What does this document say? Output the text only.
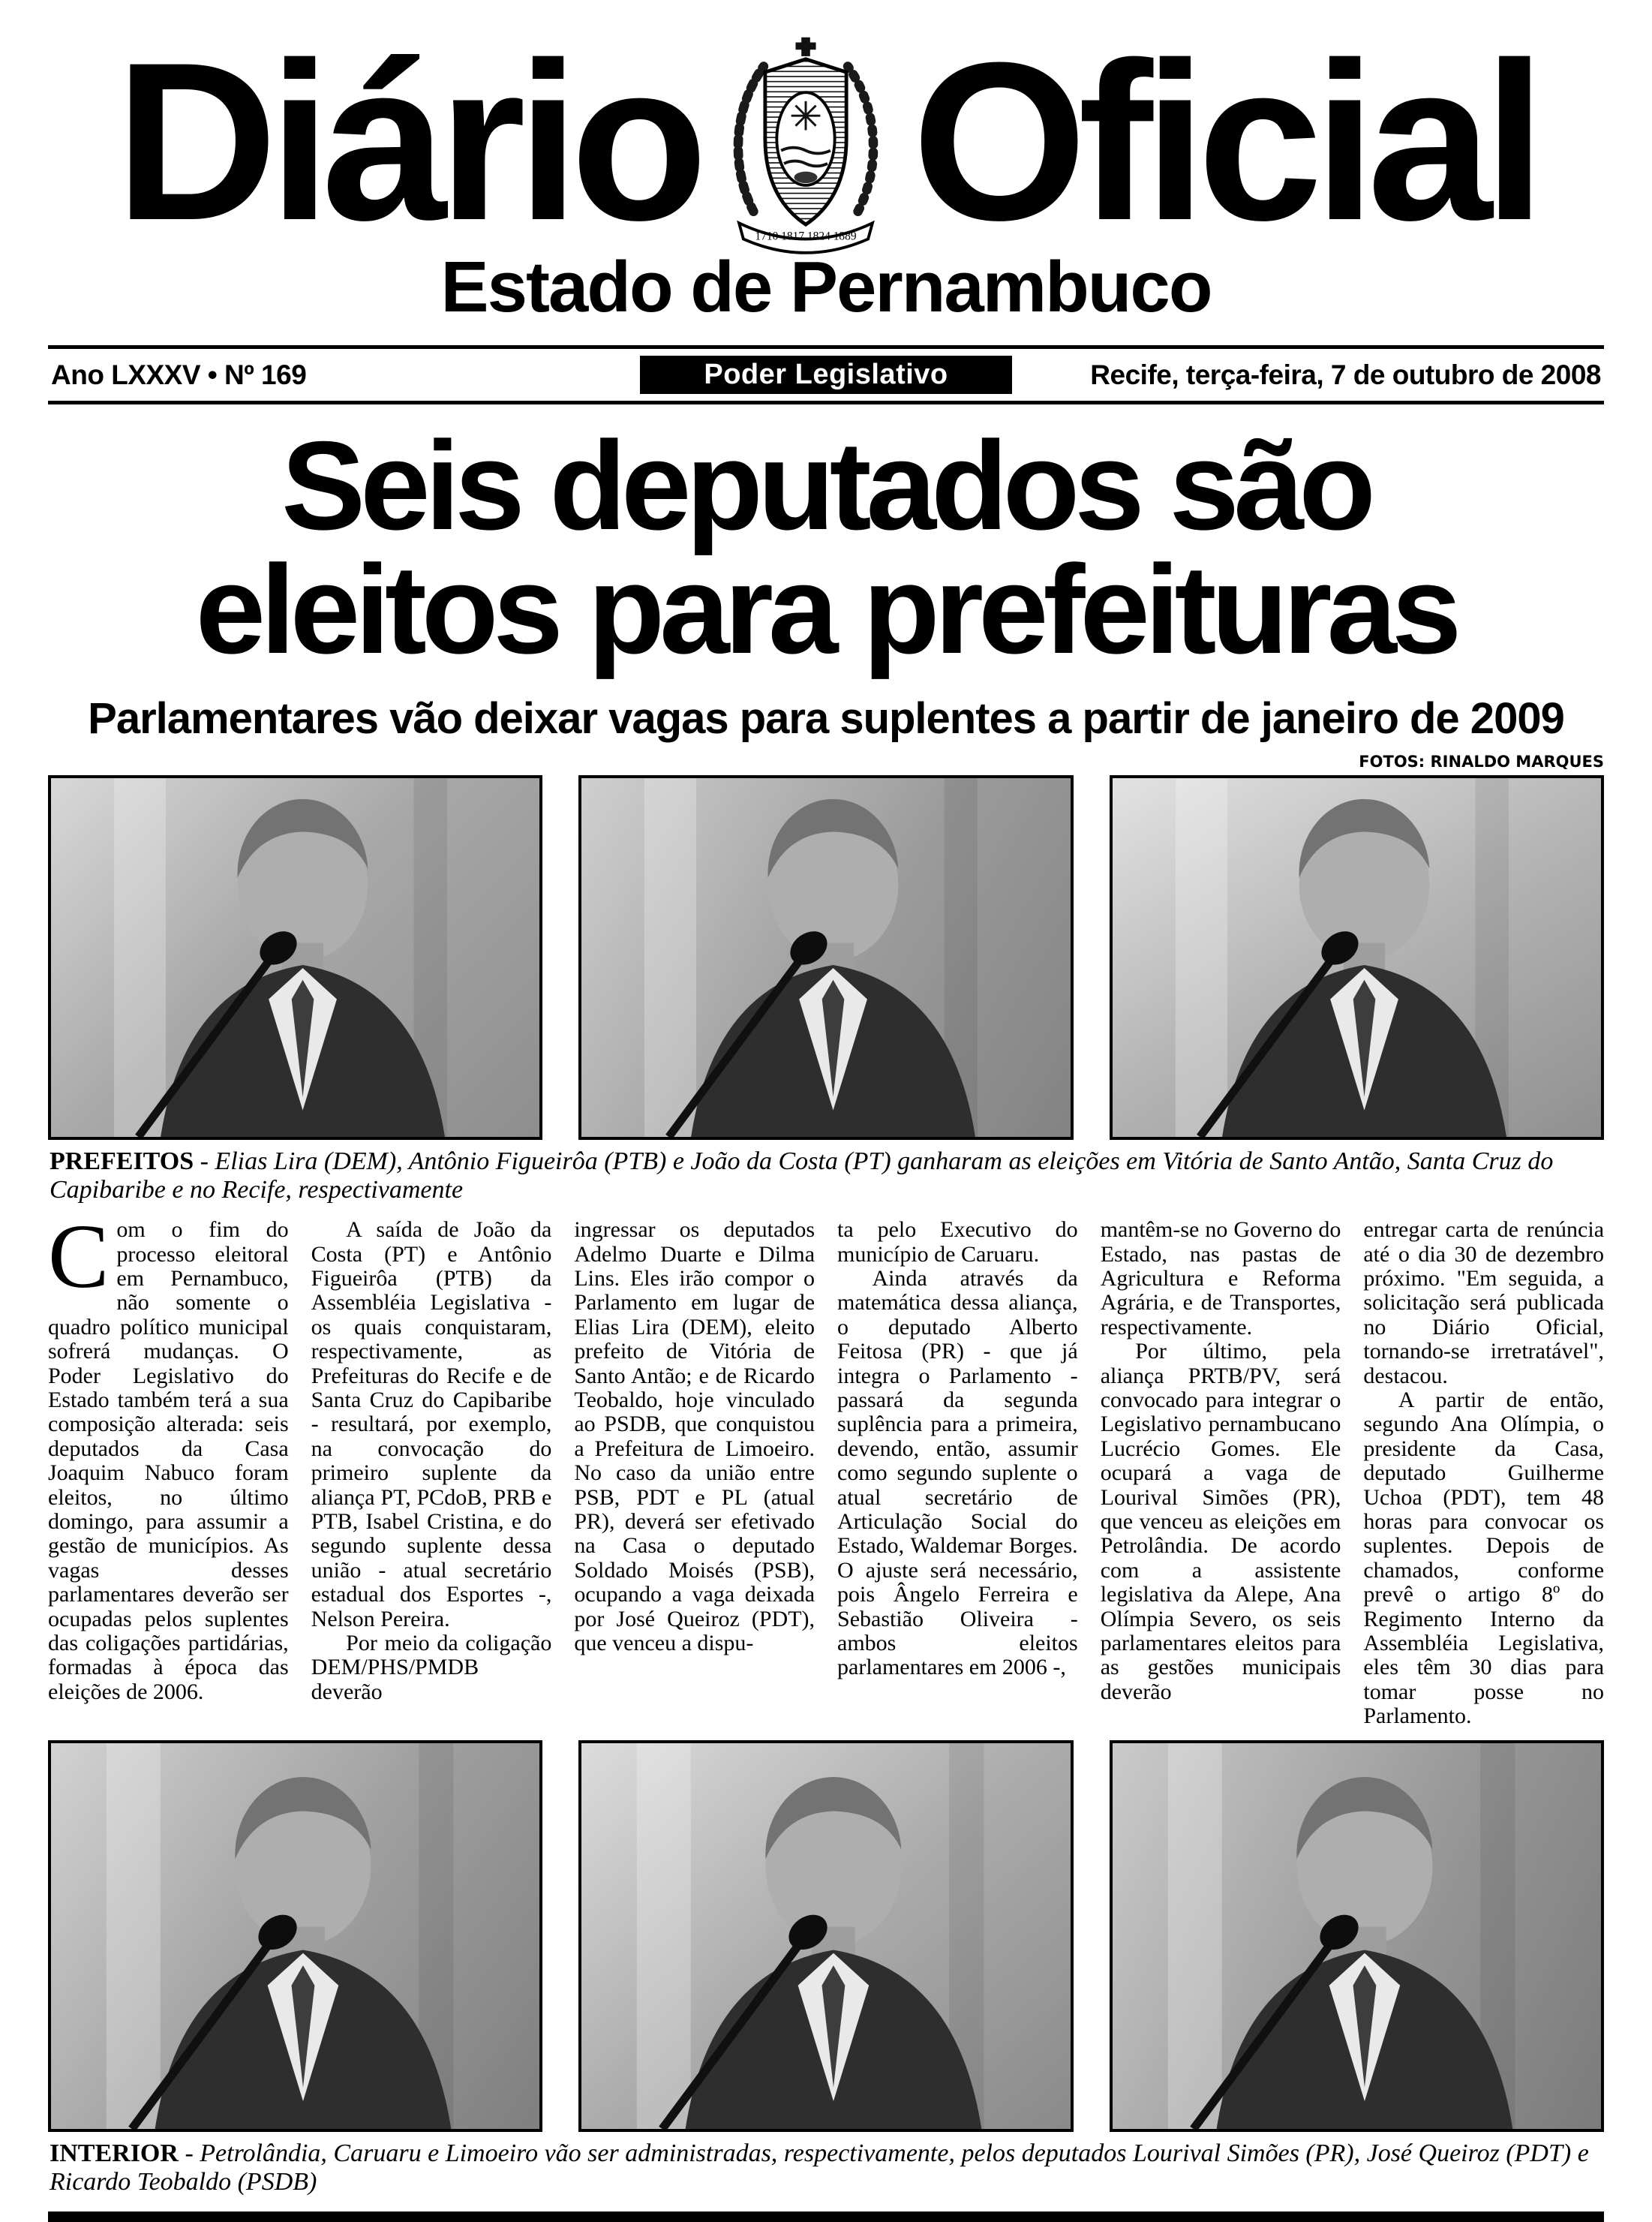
Diário	1710 1817 1824 1889 Oficial
Estado de Pernambuco
Ano LXXXV • Nº 169	Poder Legislativo	Recife, terça-feira, 7 de outubro de 2008
Seis deputados são
eleitos para prefeituras
Parlamentares vão deixar vagas para suplentes a partir de janeiro de 2009
FOTOS: RINALDO MARQUES
PREFEITOS - Elias Lira (DEM), Antônio Figueirôa (PTB) e João da Costa (PT) ganharam as eleições em Vitória de Santo Antão, Santa Cruz do Capibaribe e no Recife, respectivamente

Com o fim do processo eleitoral em Pernambuco, não somente o quadro político municipal sofrerá mudanças. O Poder Legislativo do Estado também terá a sua composição alterada: seis deputados da Casa Joaquim Nabuco foram eleitos, no último domingo, para assumir a gestão de municípios. As vagas desses parlamentares deverão ser ocupadas pelos suplentes das coligações partidárias, formadas à época das eleições de 2006.

A saída de João da Costa (PT) e Antônio Figueirôa (PTB) da Assembléia Legislativa - os quais conquistaram, respectivamente, as Prefeituras do Recife e de Santa Cruz do Capibaribe - resultará, por exemplo, na convocação do primeiro suplente da aliança PT, PCdoB, PRB e PTB, Isabel Cristina, e do segundo suplente dessa união - atual secretário estadual dos Esportes -, Nelson Pereira.

Por meio da coligação DEM/PHS/PMDB deverão

ingressar os deputados Adelmo Duarte e Dilma Lins. Eles irão compor o Parlamento em lugar de Elias Lira (DEM), eleito prefeito de Vitória de Santo Antão; e de Ricardo Teobaldo, hoje vinculado ao PSDB, que conquistou a Prefeitura de Limoeiro. No caso da união entre PSB, PDT e PL (atual PR), deverá ser efetivado na Casa o deputado Soldado Moisés (PSB), ocupando a vaga deixada por José Queiroz (PDT), que venceu a dispu-

ta pelo Executivo do município de Caruaru.

Ainda através da matemática dessa aliança, o deputado Alberto Feitosa (PR) - que já integra o Parlamento - passará da segunda suplência para a primeira, devendo, então, assumir como segundo suplente o atual secretário de Articulação Social do Estado, Waldemar Borges. O ajuste será necessário, pois Ângelo Ferreira e Sebastião Oliveira - ambos eleitos parlamentares em 2006 -,

mantêm-se no Governo do Estado, nas pastas de Agricultura e Reforma Agrária, e de Transportes, respectivamente.

Por último, pela aliança PRTB/PV, será convocado para integrar o Legislativo pernambucano Lucrécio Gomes. Ele ocupará a vaga de Lourival Simões (PR), que venceu as eleições em Petrolândia. De acordo com a assistente legislativa da Alepe, Ana Olímpia Severo, os seis parlamentares eleitos para as gestões municipais deverão

entregar carta de renúncia até o dia 30 de dezembro próximo. "Em seguida, a solicitação será publicada no Diário Oficial, tornando-se irretratável", destacou.

A partir de então, segundo Ana Olímpia, o presidente da Casa, deputado Guilherme Uchoa (PDT), tem 48 horas para convocar os suplentes. Depois de chamados, conforme prevê o artigo 8º do Regimento Interno da Assembléia Legislativa, eles têm 30 dias para tomar posse no Parlamento.

INTERIOR - Petrolândia, Caruaru e Limoeiro vão ser administradas, respectivamente, pelos deputados Lourival Simões (PR), José Queiroz (PDT) e Ricardo Teobaldo (PSDB)
